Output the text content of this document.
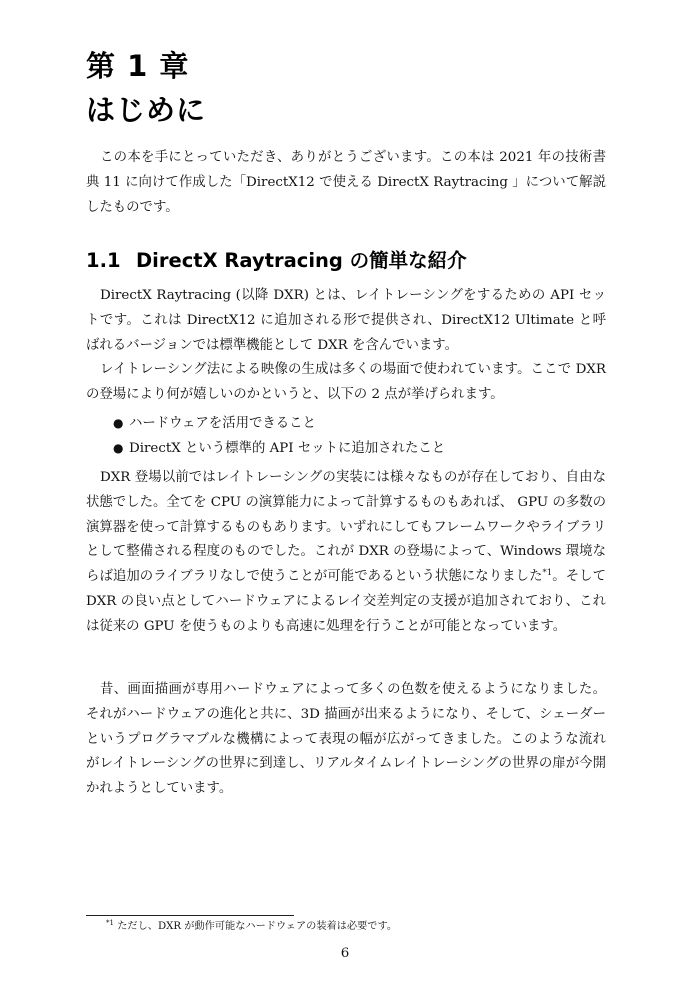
第 1 章
はじめに

この本を手にとっていただき、ありがとうございます。この本は 2021 年の技術書典 11 に向けて作成した「DirectX12 で使える DirectX Raytracing 」について解説したものです。

1.1 DirectX Raytracing の簡単な紹介

DirectX Raytracing (以降 DXR) とは、レイトレーシングをするための API セットです。これは DirectX12 に追加される形で提供され、DirectX12 Ultimate と呼ばれるバージョンでは標準機能として DXR を含んでいます。

レイトレーシング法による映像の生成は多くの場面で使われています。ここで DXR の登場により何が嬉しいのかというと、以下の 2 点が挙げられます。

● ハードウェアを活用できること
● DirectX という標準的 API セットに追加されたこと

DXR 登場以前ではレイトレーシングの実装には様々なものが存在しており、自由な状態でした。全てを CPU の演算能力によって計算するものもあれば、 GPU の多数の演算器を使って計算するものもあります。いずれにしてもフレームワークやライブラリとして整備される程度のものでした。これが DXR の登場によって、Windows 環境ならば追加のライブラリなしで使うことが可能であるという状態になりました$^{*1}$。そして DXR の良い点としてハードウェアによるレイ交差判定の支援が追加されており、これは従来の GPU を使うものよりも高速に処理を行うことが可能となっています。

昔、画面描画が専用ハードウェアによって多くの色数を使えるようになりました。それがハードウェアの進化と共に、3D 描画が出来るようになり、そして、シェーダーというプログラマブルな機構によって表現の幅が広がってきました。このような流れがレイトレーシングの世界に到達し、リアルタイムレイトレーシングの世界の扉が今開かれようとしています。

$^{*1}$ ただし、DXR が動作可能なハードウェアの装着は必要です。
6
